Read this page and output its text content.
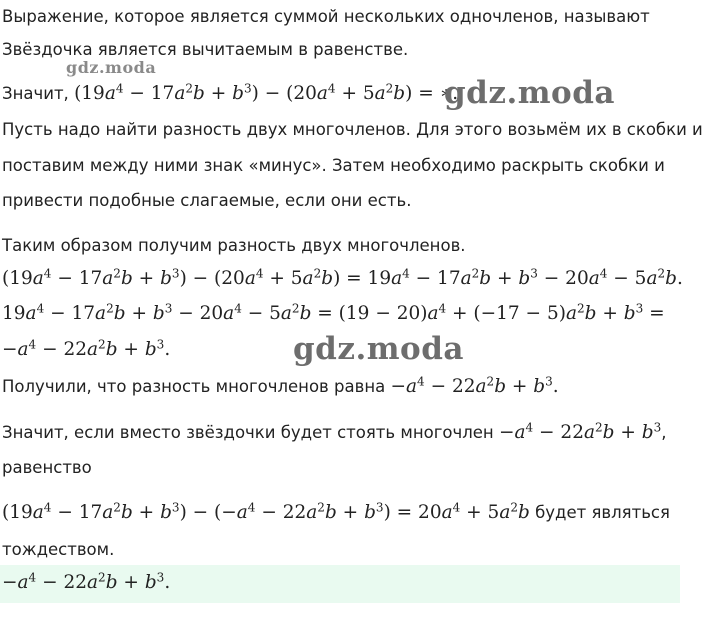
Выражение, которое является суммой нескольких одночленов, называют
Звёздочка является вычитаемым в равенстве.
gdz.moda
Значит, $(19a^4 - 17a^2b + b^3) - (20a^4 + 5a^2b)$ = ∗.
gdz.moda
Пусть надо найти разность двух многочленов. Для этого возьмём их в скобки и
поставим между ними знак «минус». Затем необходимо раскрыть скобки и
привести подобные слагаемые, если они есть.
Таким образом получим разность двух многочленов.
$(19a^4 - 17a^2b + b^3) - (20a^4 + 5a^2b) = 19a^4 - 17a^2b + b^3 - 20a^4 - 5a^2b$.
$19a^4 - 17a^2b + b^3 - 20a^4 - 5a^2b = (19 - 20)a^4 + (-17 - 5)a^2b + b^3$ =
$-a^4 - 22a^2b + b^3$.	gdz.moda
Получили, что разность многочленов равна $-a^4 - 22a^2b + b^3$.
Значит, если вместо звёздочки будет стоять многочлен $-a^4 - 22a^2b + b^3$,
равенство
$(19a^4 - 17a^2b + b^3) - (-a^4 - 22a^2b + b^3) = 20a^4 + 5a^2b$ будет являться
тождеством.
$-a^4 - 22a^2b + b^3$.
